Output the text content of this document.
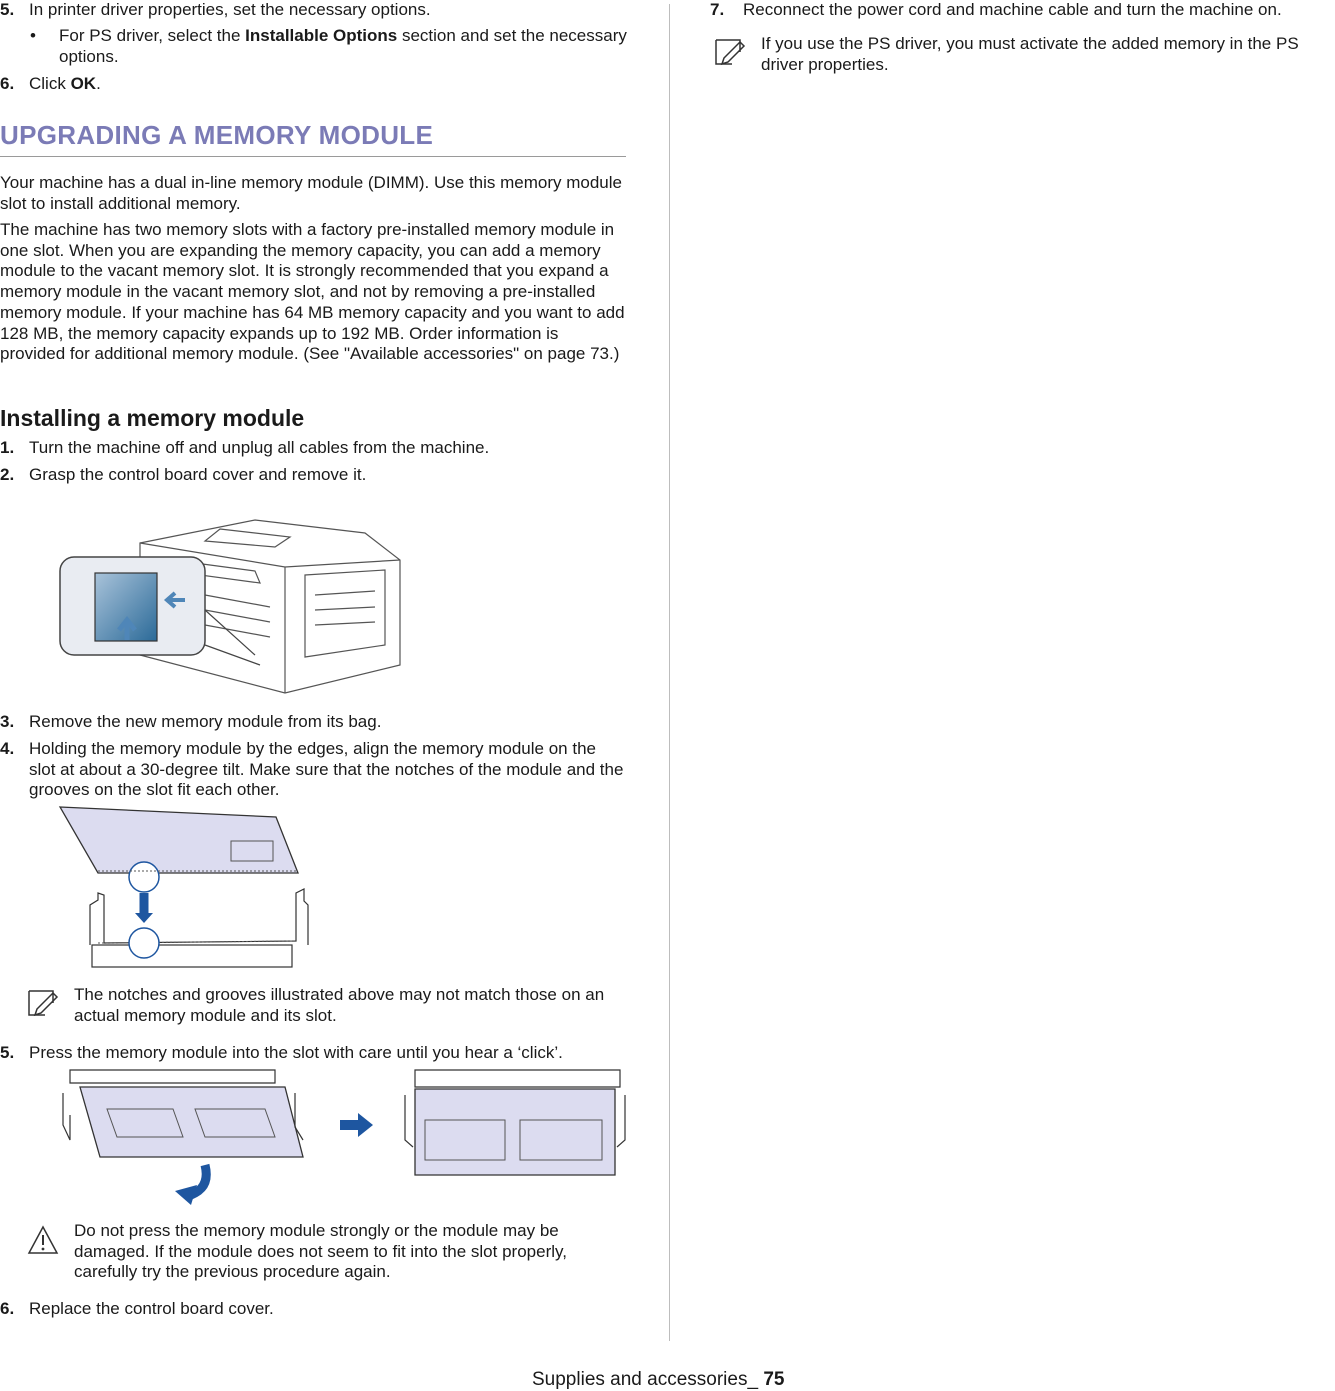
5. In printer driver properties, set the necessary options.
• For PS driver, select the Installable Options section and set the necessary options.
6. Click OK.
UPGRADING A MEMORY MODULE

Your machine has a dual in-line memory module (DIMM). Use this memory module slot to install additional memory.

The machine has two memory slots with a factory pre-installed memory module in one slot. When you are expanding the memory capacity, you can add a memory module to the vacant memory slot. It is strongly recommended that you expand a memory module in the vacant memory slot, and not by removing a pre-installed memory module. If your machine has 64 MB memory capacity and you want to add 128 MB, the memory capacity expands up to 192 MB. Order information is provided for additional memory module. (See "Available accessories" on page 73.)

Installing a memory module
1. Turn the machine off and unplug all cables from the machine.
2. Grasp the control board cover and remove it.
3. Remove the new memory module from its bag.
4. Holding the memory module by the edges, align the memory module on the slot at about a 30-degree tilt. Make sure that the notches of the module and the grooves on the slot fit each other.
The notches and grooves illustrated above may not match those on an actual memory module and its slot.
5. Press the memory module into the slot with care until you hear a ‘click’.
Do not press the memory module strongly or the module may be damaged. If the module does not seem to fit into the slot properly, carefully try the previous procedure again.
6. Replace the control board cover.
7. Reconnect the power cord and machine cable and turn the machine on.
If you use the PS driver, you must activate the added memory in the PS driver properties.
Supplies and accessories_ 75
